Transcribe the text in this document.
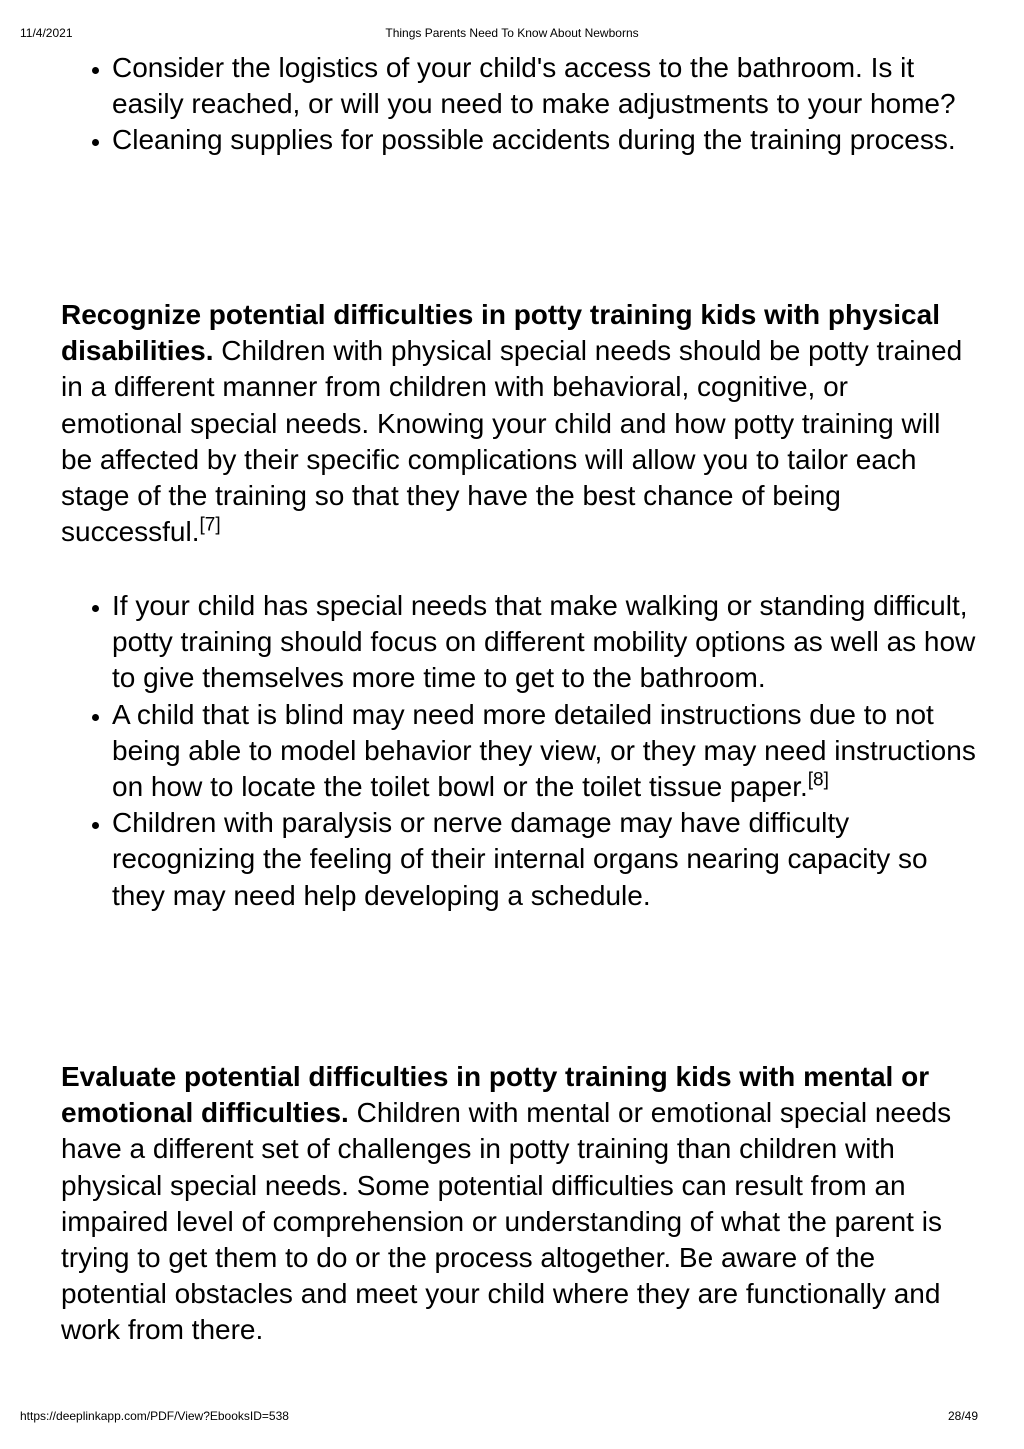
11/4/2021	Things Parents Need To Know About Newborns
• Consider the logistics of your child's access to the bathroom. Is it easily reached, or will you need to make adjustments to your home?
• Cleaning supplies for possible accidents during the training process.

Recognize potential difficulties in potty training kids with physical disabilities. Children with physical special needs should be potty trained in a different manner from children with behavioral, cognitive, or emotional special needs. Knowing your child and how potty training will be affected by their specific complications will allow you to tailor each stage of the training so that they have the best chance of being successful.[7]

• If your child has special needs that make walking or standing difficult, potty training should focus on different mobility options as well as how to give themselves more time to get to the bathroom.
• A child that is blind may need more detailed instructions due to not being able to model behavior they view, or they may need instructions on how to locate the toilet bowl or the toilet tissue paper.[8]
• Children with paralysis or nerve damage may have difficulty recognizing the feeling of their internal organs nearing capacity so they may need help developing a schedule.

Evaluate potential difficulties in potty training kids with mental or emotional difficulties. Children with mental or emotional special needs have a different set of challenges in potty training than children with physical special needs. Some potential difficulties can result from an impaired level of comprehension or understanding of what the parent is trying to get them to do or the process altogether. Be aware of the potential obstacles and meet your child where they are functionally and work from there.

https://deeplinkapp.com/PDF/View?EbooksID=538	28/49
